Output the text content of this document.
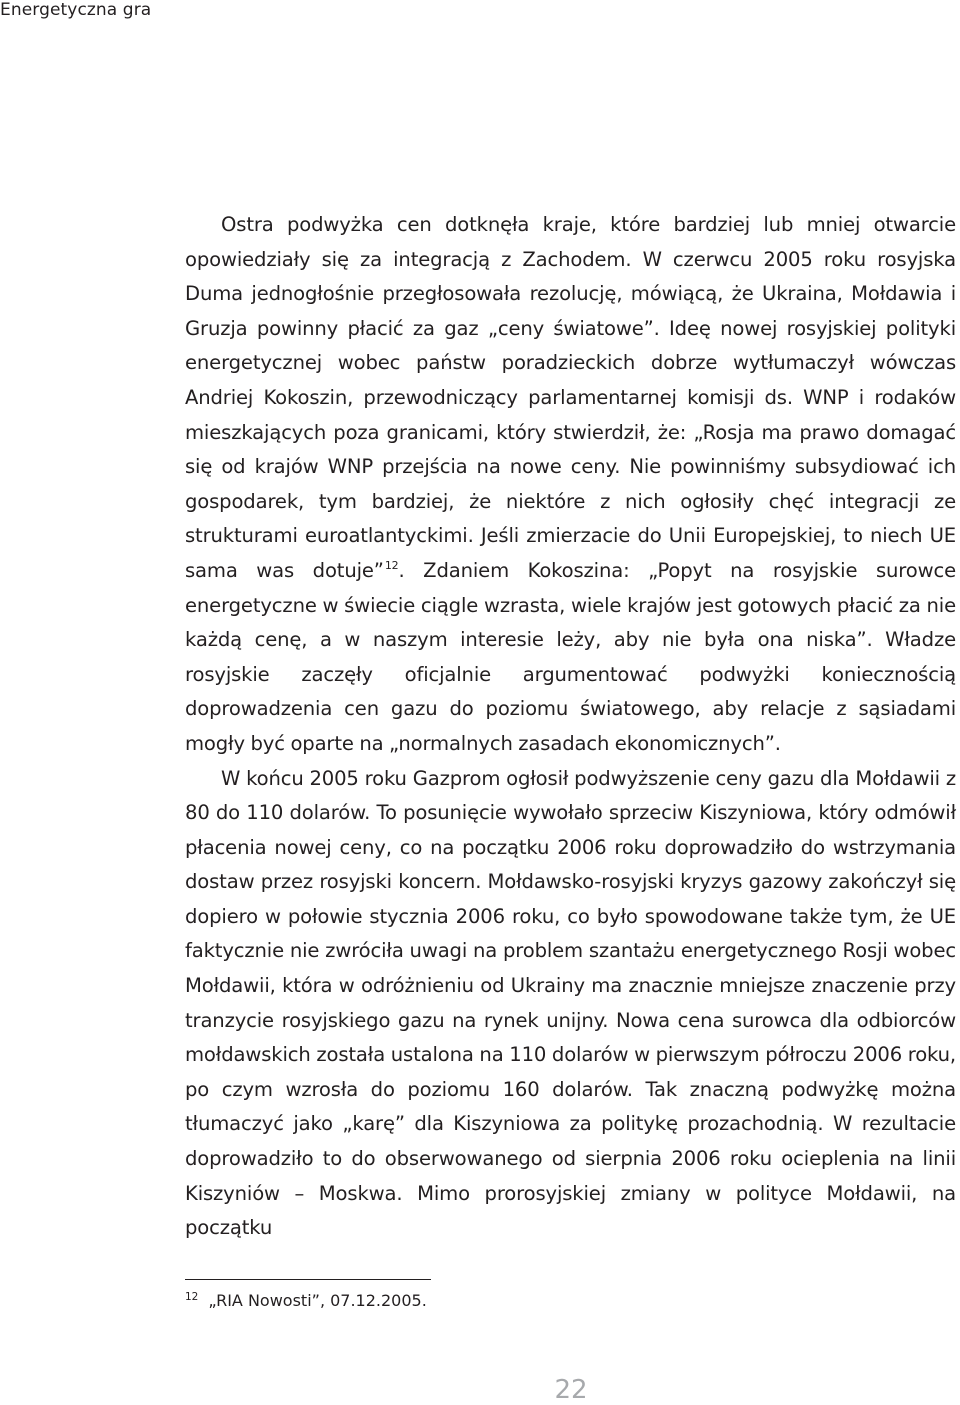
Energetyczna gra

Ostra podwyżka cen dotknęła kraje, które bardziej lub mniej otwarcie opowiedziały się za integracją z Zachodem. W czerwcu 2005 roku rosyjska Duma jednogłośnie przegłosowała rezolucję, mówiącą, że Ukraina, Mołdawia i Gruzja powinny płacić za gaz „ceny światowe”. Ideę nowej rosyjskiej polityki energetycznej wobec państw poradzieckich dobrze wytłumaczył wówczas Andriej Kokoszin, przewodniczący parlamentarnej komisji ds. WNP i rodaków mieszkających poza granicami, który stwierdził, że: „Rosja ma prawo domagać się od krajów WNP przejścia na nowe ceny. Nie powinniśmy subsydiować ich gospodarek, tym bardziej, że niektóre z nich ogłosiły chęć integracji ze strukturami euroatlantyckimi. Jeśli zmierzacie do Unii Europejskiej, to niech UE sama was dotuje”$^{12}$. Zdaniem Kokoszina: „Popyt na rosyjskie surowce energetyczne w świecie ciągle wzrasta, wiele krajów jest gotowych płacić za nie każdą cenę, a w naszym interesie leży, aby nie była ona niska”. Władze rosyjskie zaczęły oficjalnie argumentować podwyżki koniecznością doprowadzenia cen gazu do poziomu światowego, aby relacje z sąsiadami mogły być oparte na „normalnych zasadach ekonomicznych”.

W końcu 2005 roku Gazprom ogłosił podwyższenie ceny gazu dla Mołdawii z 80 do 110 dolarów. To posunięcie wywołało sprzeciw Kiszyniowa, który odmówił płacenia nowej ceny, co na początku 2006 roku doprowadziło do wstrzymania dostaw przez rosyjski koncern. Mołdawsko-rosyjski kryzys gazowy zakończył się dopiero w połowie stycznia 2006 roku, co było spowodowane także tym, że UE faktycznie nie zwróciła uwagi na problem szantażu energetycznego Rosji wobec Mołdawii, która w odróżnieniu od Ukrainy ma znacznie mniejsze znaczenie przy tranzycie rosyjskiego gazu na rynek unijny. Nowa cena surowca dla odbiorców mołdawskich została ustalona na 110 dolarów w pierwszym półroczu 2006 roku, po czym wzrosła do poziomu 160 dolarów. Tak znaczną podwyżkę można tłumaczyć jako „karę” dla Kiszyniowa za politykę prozachodnią. W rezultacie doprowadziło to do obserwowanego od sierpnia 2006 roku ocieplenia na linii Kiszyniów – Moskwa. Mimo prorosyjskiej zmiany w polityce Mołdawii, na początku

$^{12}$ „RIA Nowosti”, 07.12.2005.
22
